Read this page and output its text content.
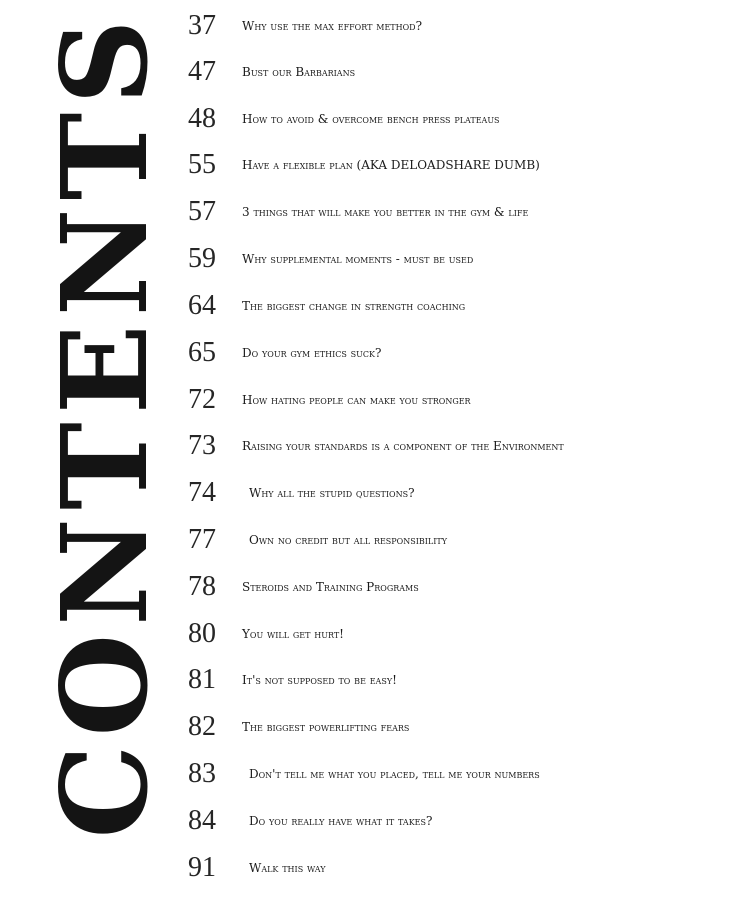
CONTENTS 37	Why use the max effort method?
47	Bust our Barbarians
48	How to avoid & overcome bench press plateaus
55	Have a flexible plan (AKA DELOADSHARE DUMB)
57	3 things that will make you better in the gym & life
59	Why supplemental moments - must be used
64	The biggest change in strength coaching
65	Do your gym ethics suck?
72	How hating people can make you stronger
73	Raising your standards is a component of the Environment
74	Why all the stupid questions?
77	Own no credit but all responsibility
78	Steroids and Training Programs
80	You will get hurt!
81	It's not supposed to be easy!
82	The biggest powerlifting fears
83	Don't tell me what you placed, tell me your numbers
84	Do you really have what it takes?
91	Walk this way
